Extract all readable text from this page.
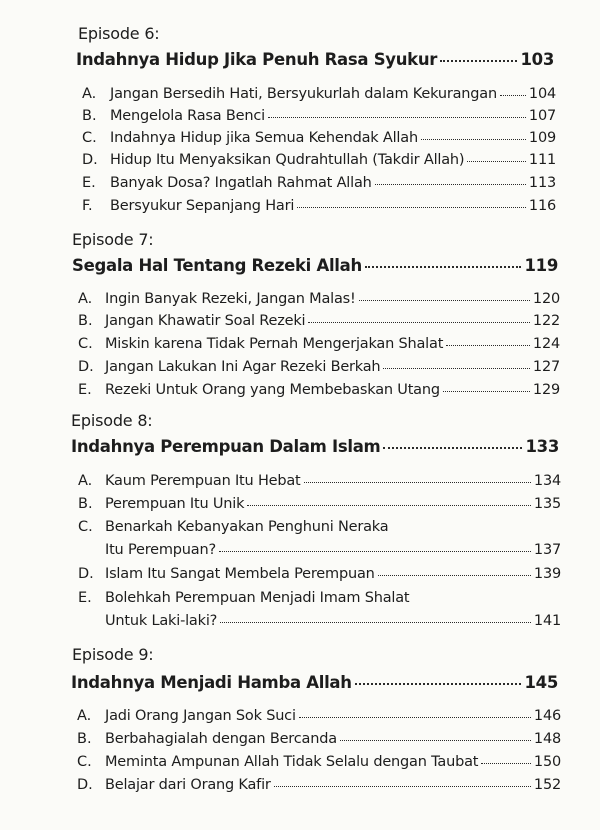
Episode 6:
Indahnya Hidup Jika Penuh Rasa Syukur	103
A. Jangan Bersedih Hati, Bersyukurlah dalam Kekurangan 104
B. Mengelola Rasa Benci	107
C. Indahnya Hidup jika Semua Kehendak Allah	109
D. Hidup Itu Menyaksikan Qudrahtullah (Takdir Allah)	111
E. Banyak Dosa? Ingatlah Rahmat Allah	113
F. Bersyukur Sepanjang Hari	116
Episode 7:
Segala Hal Tentang Rezeki Allah	119
A. Ingin Banyak Rezeki, Jangan Malas!	120
B. Jangan Khawatir Soal Rezeki	122
C. Miskin karena Tidak Pernah Mengerjakan Shalat	124
D. Jangan Lakukan Ini Agar Rezeki Berkah	127
E. Rezeki Untuk Orang yang Membebaskan Utang	129
Episode 8:
Indahnya Perempuan Dalam Islam	133
A. Kaum Perempuan Itu Hebat	134
B. Perempuan Itu Unik	135
C. Benarkah Kebanyakan Penghuni Neraka
Itu Perempuan?	137
D. Islam Itu Sangat Membela Perempuan	139
E. Bolehkah Perempuan Menjadi Imam Shalat
Untuk Laki-laki?	141
Episode 9:
Indahnya Menjadi Hamba Allah	145
A. Jadi Orang Jangan Sok Suci	146
B. Berbahagialah dengan Bercanda	148
C. Meminta Ampunan Allah Tidak Selalu dengan Taubat	150
D. Belajar dari Orang Kafir	152
